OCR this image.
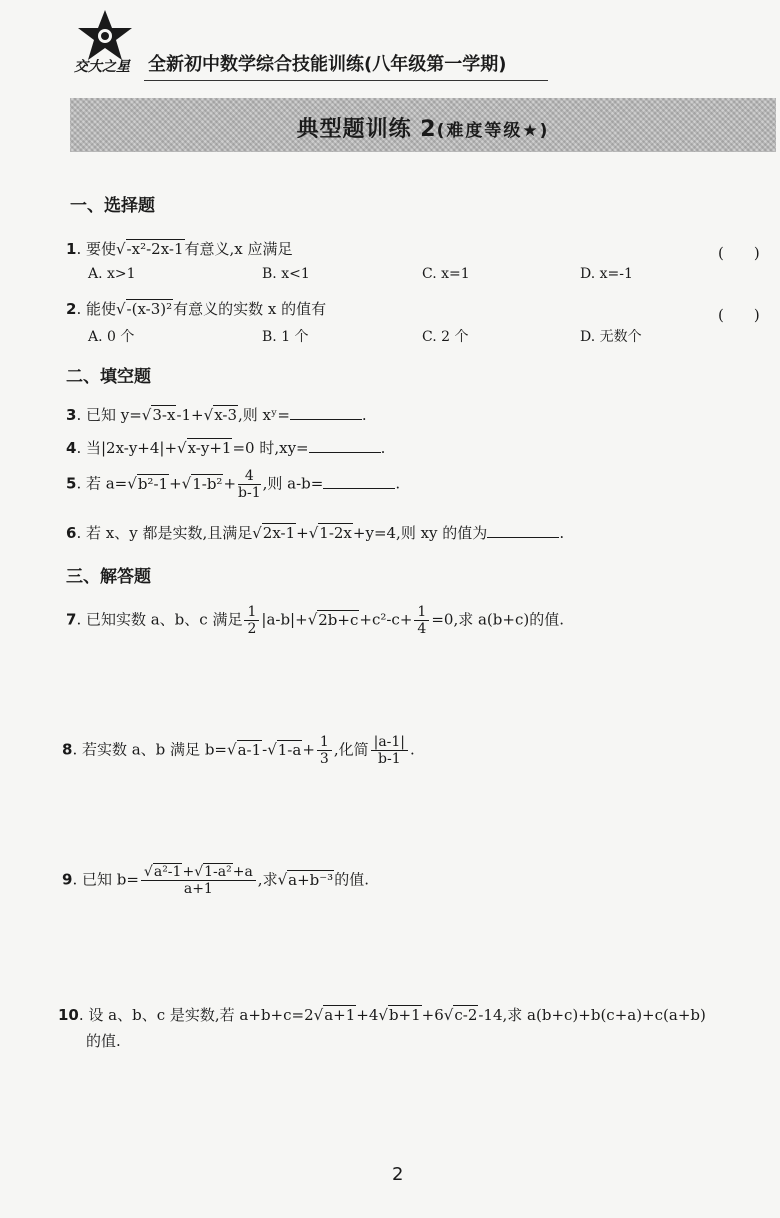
交大之星 全新初中数学综合技能训练(八年级第一学期)
典型题训练 2(难度等级★)
一、选择题
1. 要使√-x²-2x-1有意义,x 应满足	(　　)
A. x>1	B. x<1	C. x=1	D. x=-1
2. 能使√-(x-3)²有意义的实数 x 的值有	(　　)
A. 0 个	B. 1 个	C. 2 个	D. 无数个
二、填空题
3. 已知 y=√3-x-1+√x-3,则 xʸ=	.
4. 当|2x-y+4|+√x-y+1=0 时,xy=	.
5. 若 $a=√b^2-1+√1-b^2+ \frac{4}{b-1}$ ,则 a-b=	.
6. 若 x、y 都是实数,且满足√2x-1+√1-2x+y=4,则 xy 的值为	.
三、解答题
7. 已知实数 a、b、c 满足 $\frac{1}{2} |a-b|+√2b+c+c^2-c+ \frac{1}{4} =0$,求 a(b+c)的值.
8. 若实数 a、b 满足 $b=√a-1-√1-a+ \frac{1}{3}$ ,化简 $\frac{|a-1|}{b-1}$ .
9. 已知 $b= \frac{\text{√a²-1+√1-a²+a}}{a+1}$ ,求√a+b⁻³的值.
10. 设 a、b、c 是实数,若 a+b+c=2√a+1+4√b+1+6√c-2-14,求 a(b+c)+b(c+a)+c(a+b)
的值.
2
